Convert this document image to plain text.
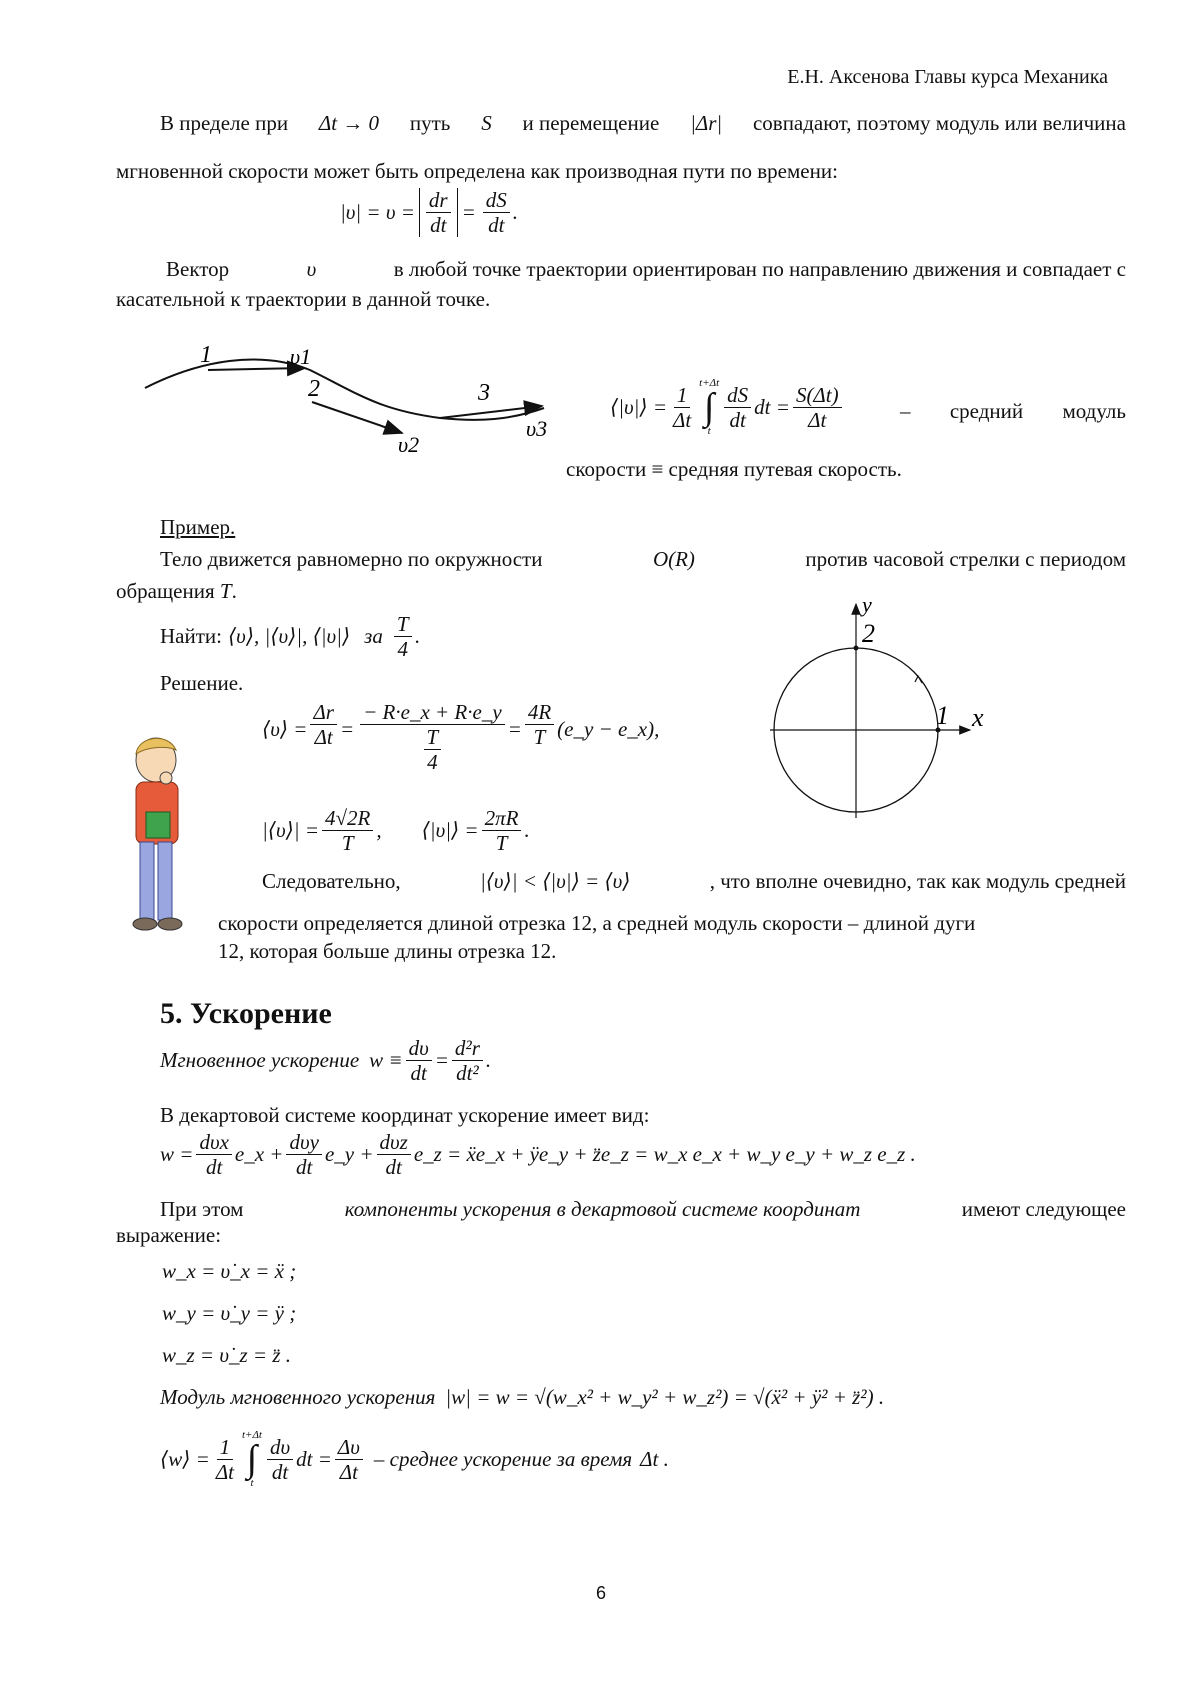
Е.Н. Аксенова Главы курса Механика
В пределе при Δt → 0 путь S и перемещение |Δr| совпадают, поэтому модуль или величина
мгновенной скорости может быть определена как производная пути по времени:
$|\upsilon| = \upsilon = \frac{dr}{dt} = \frac{dS}{dt}$ .
Вектор	υ	в любой точке траектории ориентирован по направлению движения и совпадает с
касательной к траектории в данной точке.
1
2	3
υ1
υ2
υ3
⟨|υ|⟩ = $\frac{1}{\Delta t} t+\Delta t$
∫
t $\frac{dS}{dt}$ dt = $\frac{S(\Delta t)}{\Delta t}$	– средний модуль
скорости ≡ средняя путевая скорость.
Пример.
Тело движется равномерно по окружности	O(R)	против часовой стрелки с периодом
обращения T.
Найти: ⟨υ⟩, |⟨υ⟩|, ⟨|υ|⟩ за $\frac{T}{4}$ .
Решение.
x
y
1
2
⟨υ⟩ = $\frac{\Delta r}{\Delta t} = \frac{- R\cdot e\_x + R\cdot e\_y}{\frac{T}{4}} = \frac{4R}{T}$ (e_y − e_x),
|⟨υ⟩| = $\frac{4√2R}{T}$ , ⟨|υ|⟩ = $\frac{2\pi R}{T}$ .
Следовательно,	|⟨υ⟩| < ⟨|υ|⟩ = ⟨υ⟩	, что вполне очевидно, так как модуль средней
скорости определяется длиной отрезка 12, а средней модуль скорости – длиной дуги
12, которая больше длины отрезка 12.
5. Ускорение
Мгновенное ускорение $w \equiv \frac{d\upsilon}{dt} = \frac{\text{d²r}}{\text{dt²}}$ .
В декартовой системе координат ускорение имеет вид:
$w = \frac{\text{dυx}}{dt}$ e_x + $\frac{\text{dυy}}{dt}$ e_y + $\frac{\text{dυz}}{dt}$ e_z = ẍe_x + ÿe_y + z̈e_z = w_x e_x + w_y e_y + w_z e_z .
При этом	компоненты ускорения в декартовой системе координат	имеют следующее
выражение:
w_x = υ̇_x = ẍ ;
w_y = υ̇_y = ÿ ;
w_z = υ̇_z = z̈ .
Модуль мгновенного ускорения |w| = w = √(w_x² + w_y² + w_z²) = √(ẍ² + ÿ² + z̈²) .
⟨w⟩ = $\frac{1}{\Delta t} t+\Delta t$
∫
t $\frac{d\upsilon}{dt}$ dt = $\frac{\Delta\upsilon}{\Delta t}$ – среднее ускорение за время Δt .
6
